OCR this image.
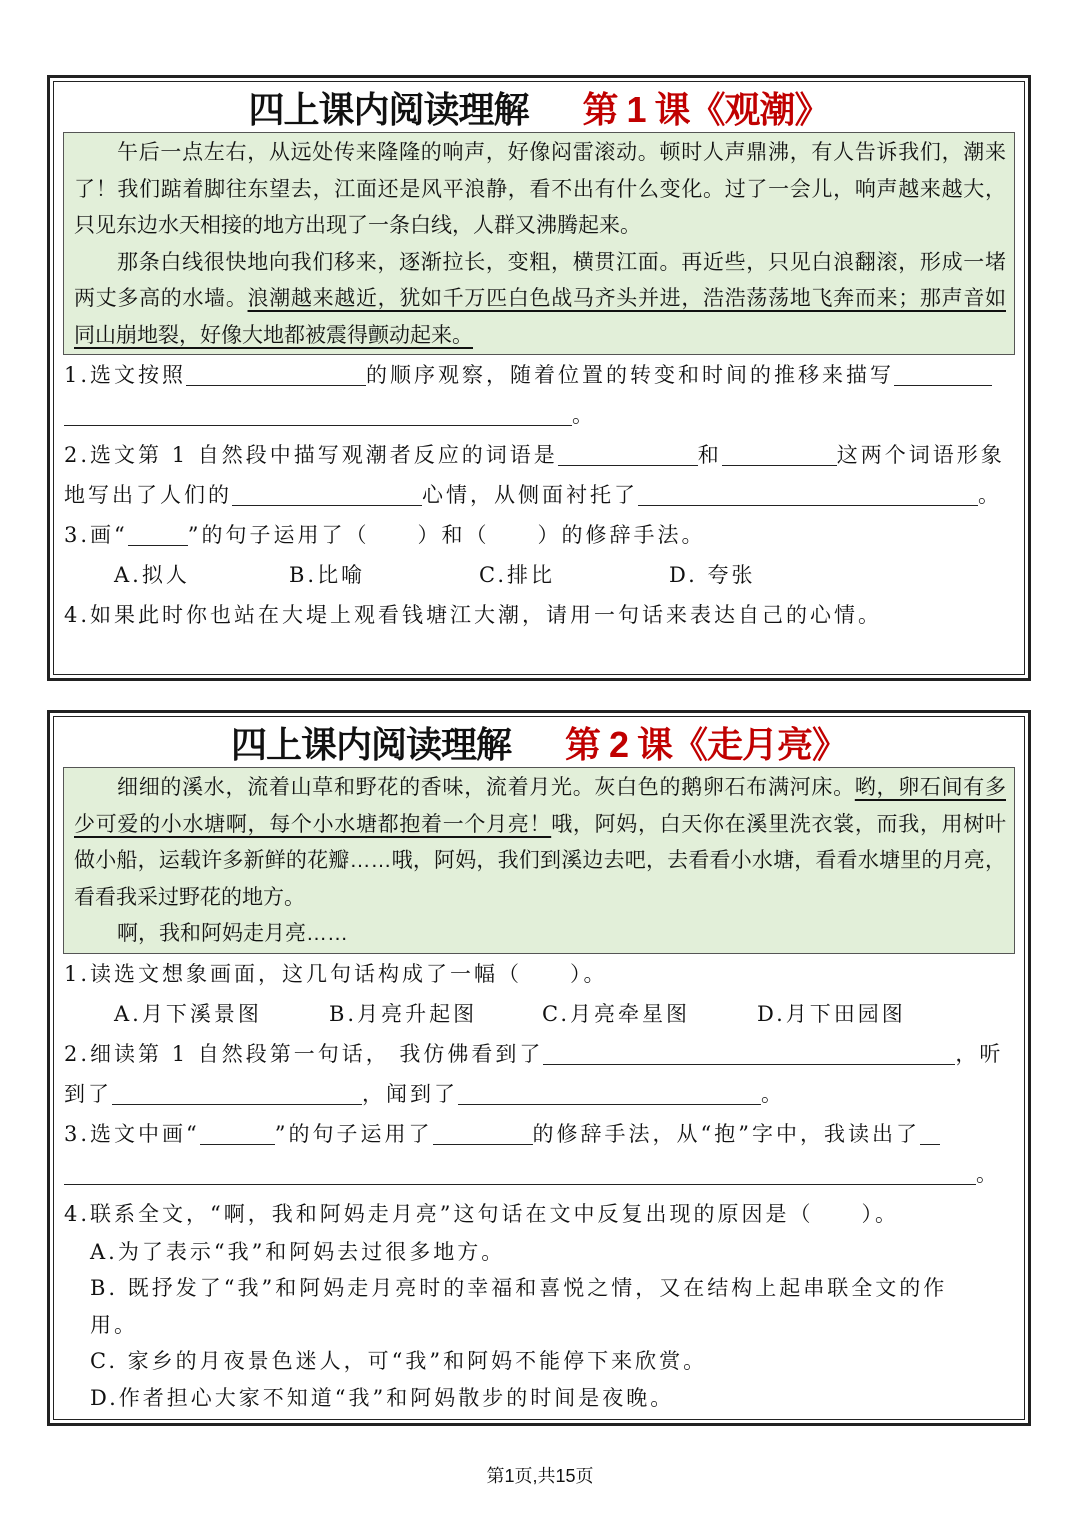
四上课内阅读理解 第 1 课《观潮》
午后一点左右，从远处传来隆隆的响声，好像闷雷滚动。顿时人声鼎沸，有人告诉我们，潮来
了！我们踮着脚往东望去，江面还是风平浪静，看不出有什么变化。过了一会儿，响声越来越大，
只见东边水天相接的地方出现了一条白线，人群又沸腾起来。
那条白线很快地向我们移来，逐渐拉长，变粗，横贯江面。再近些，只见白浪翻滚，形成一堵
两丈多高的水墙。浪潮越来越近，犹如千万匹白色战马齐头并进，浩浩荡荡地飞奔而来；那声音如
同山崩地裂，好像大地都被震得颤动起来。
1.选文按照	的顺序观察，随着位置的转变和时间的推移来描写
。
2.选文第 1 自然段中描写观潮者反应的词语是	和	这两个词语形象
地写出了人们的	心情，从侧面衬托了	。
3.画“	”的句子运用了（　　）和（　　）的修辞手法。
A.拟人	B.比喻	C.排比	D. 夸张
4.如果此时你也站在大堤上观看钱塘江大潮，请用一句话来表达自己的心情。
四上课内阅读理解 第 2 课《走月亮》
细细的溪水，流着山草和野花的香味，流着月光。灰白色的鹅卵石布满河床。哟，卵石间有多
少可爱的小水塘啊，每个小水塘都抱着一个月亮！哦，阿妈，白天你在溪里洗衣裳，而我，用树叶
做小船，运载许多新鲜的花瓣……哦，阿妈，我们到溪边去吧，去看看小水塘，看看水塘里的月亮，
看看我采过野花的地方。
啊，我和阿妈走月亮……
1.读选文想象画面，这几句话构成了一幅（　　）。
A.月下溪景图	B.月亮升起图	C.月亮牵星图	D.月下田园图
2.细读第 1 自然段第一句话， 我仿佛看到了	，听
到了	，闻到了	。
3.选文中画“	”的句子运用了	的修辞手法，从“抱”字中，我读出了
。
4.联系全文，“啊，我和阿妈走月亮”这句话在文中反复出现的原因是（　　）。
A.为了表示“我”和阿妈去过很多地方。
B. 既抒发了“我”和阿妈走月亮时的幸福和喜悦之情，又在结构上起串联全文的作
用。
C. 家乡的月夜景色迷人，可“我”和阿妈不能停下来欣赏。
D.作者担心大家不知道“我”和阿妈散步的时间是夜晚。
第1页,共15页
